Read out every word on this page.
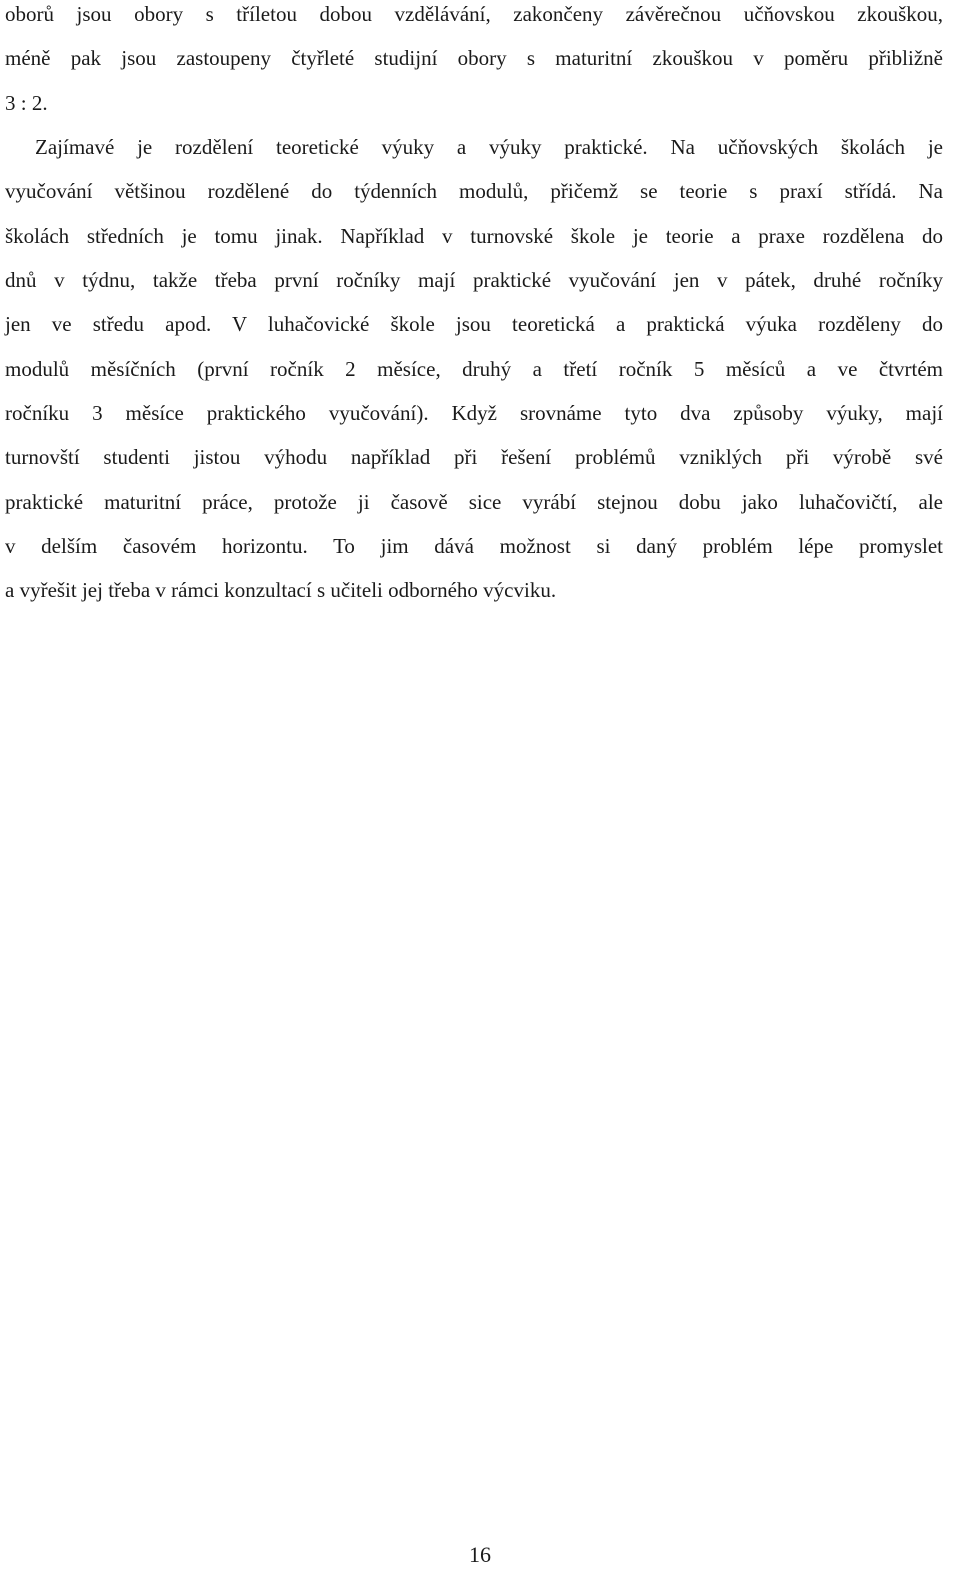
oborů jsou obory s tříletou dobou vzdělávání, zakončeny závěrečnou učňovskou zkouškou,
méně pak jsou zastoupeny čtyřleté studijní obory s maturitní zkouškou v poměru přibližně
3 : 2.
Zajímavé je rozdělení teoretické výuky a výuky praktické. Na učňovských školách je
vyučování většinou rozdělené do týdenních modulů, přičemž se teorie s praxí střídá. Na
školách středních je tomu jinak. Například v turnovské škole je teorie a praxe rozdělena do
dnů v týdnu, takže třeba první ročníky mají praktické vyučování jen v pátek, druhé ročníky
jen ve středu apod. V luhačovické škole jsou teoretická a praktická výuka rozděleny do
modulů měsíčních (první ročník 2 měsíce, druhý a třetí ročník 5 měsíců a ve čtvrtém
ročníku 3 měsíce praktického vyučování). Když srovnáme tyto dva způsoby výuky, mají
turnovští studenti jistou výhodu například při řešení problémů vzniklých při výrobě své
praktické maturitní práce, protože ji časově sice vyrábí stejnou dobu jako luhačovičtí, ale
v delším časovém horizontu. To jim dává možnost si daný problém lépe promyslet
a vyřešit jej třeba v rámci konzultací s učiteli odborného výcviku.
16
